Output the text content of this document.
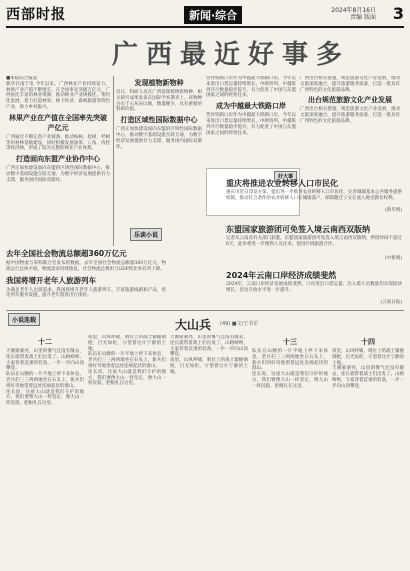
西部时报	新闻·综合	2024年8月16日
责编 版面 3
广西最近好事多
■本报综合报道
新华社南宁电 今年以来，广西林业产业持续发力，林果产业产值不断增长，在全国率先突破万亿元。广西依托丰富的林业资源，推动林业产业规模化、集约化发展，着力打造林果、林下经济、森林旅游等特色产业，助力乡村振兴。
林果产业在产值在全国率先突破产亿元
广西通过不断完善产业链条，推动桉树、松树、杉树等用材林基地建设，同时积极发展油茶、八角、肉桂等经济林，形成了较为完整的林业产业体系。
打造面向东盟产业协作中心
广西正加快建设面向东盟的区域性国际数据中心，推动数字基础设施互联互通，为数字经济发展提供有力支撑，服务国内国际双循环。
发现植物新物种
近日，科研人员在广西发现植物新物种，相关研究成果发表在国际学术期刊上。该物种分布于石灰岩山地，数量稀少，具有重要的科研价值。
打造区域性国际数据中心
广西正加快建设面向东盟的区域性国际数据中心，推动数字基础设施互联互通，为数字经济发展提供有力支撑，服务国内国际双循环。
凭祥铁路口岸作为中越最大铁路口岸，今年以来进出口货运量持续增长，中欧班列、中越班列开行数量稳步提升，有力促进了中国与东盟国家之间的经贸往来。
成为中越最大铁路口岸
凭祥铁路口岸作为中越最大铁路口岸，今年以来进出口货运量持续增长，中欧班列、中越班列开行数量稳步提升，有力促进了中国与东盟国家之间的经贸往来。
广西出台相关措施，规范旅游文化产业发展，推动文旅深度融合，提升旅游服务质量，打造一批具有广西特色的文化旅游品牌。
出台规范旅游文化产业发展
广西出台相关措施，规范旅游文化产业发展，推动文旅深度融合，提升旅游服务质量，打造一批具有广西特色的文化旅游品牌。
乐读小说
去年全国社会物流总额超360万亿元
据中国物流与采购联合会发布的数据，去年全国社会物流总额超360万亿元，物流运行总体平稳，物流需求持续恢复，社会物流总费用与GDP的比率有所下降。
我国将增开老年人旅游列车
为满足老年人出游需求，我国将增开老年人旅游列车，丰富旅游线路和产品，优化列车服务设施，提升老年旅客出行体验。
好大事
重庆将推进农业转移人口市民化
重庆市近日印发方案，提出进一步推进农业转移人口市民化，完善城镇基本公共服务提供机制，推动符合条件的农业转移人口在城镇落户，保障随迁子女在流入地受教育权利。
(新华网)
东盟国家旅游团可免签入境云南西双版纳
记者从云南省有关部门获悉，东盟国家旅游团可免签入境云南西双版纳，停留时间不超过6天，此举将进一步便利人员往来，促进区域旅游合作。
(中新网)
2024年云南口岸经济成绩斐然
2024年，云南口岸经济发展成绩斐然，口岸进出口货运量、出入境人员数量均实现较快增长，沿边开放水平进一步提升。
(云南日报)
小说连载	大山兵 (49) ■文/王书军
十二
天刚蒙蒙亮，山里的雾气还没有散去，连长就带着战士们出发了。山路崎岖，大家背着沉重的装备，一步一步向山顶攀登。
队伍在山腰的一片平地上停下来休息，老兵们三三两两地坐在石头上，新兵们则好奇地望着远处连绵起伏的群山。
连长说，这座大山就是我们守护的地方，我们要像大山一样坚定，像大山一样沉稳，把根扎在这里。
夜里，山风呼啸，哨位上的战士紧握钢枪，目光如炬，守望着这片宁静的土地。
队伍在山腰的一片平地上停下来休息，老兵们三三两两地坐在石头上，新兵们则好奇地望着远处连绵起伏的群山。
连长说，这座大山就是我们守护的地方，我们要像大山一样坚定，像大山一样沉稳，把根扎在这里。
天刚蒙蒙亮，山里的雾气还没有散去，连长就带着战士们出发了。山路崎岖，大家背着沉重的装备，一步一步向山顶攀登。
夜里，山风呼啸，哨位上的战士紧握钢枪，目光如炬，守望着这片宁静的土地。
十三
队伍在山腰的一片平地上停下来休息，老兵们三三两两地坐在石头上，新兵们则好奇地望着远处连绵起伏的群山。
连长说，这座大山就是我们守护的地方，我们要像大山一样坚定，像大山一样沉稳，把根扎在这里。
十四
夜里，山风呼啸，哨位上的战士紧握钢枪，目光如炬，守望着这片宁静的土地。
天刚蒙蒙亮，山里的雾气还没有散去，连长就带着战士们出发了。山路崎岖，大家背着沉重的装备，一步一步向山顶攀登。
